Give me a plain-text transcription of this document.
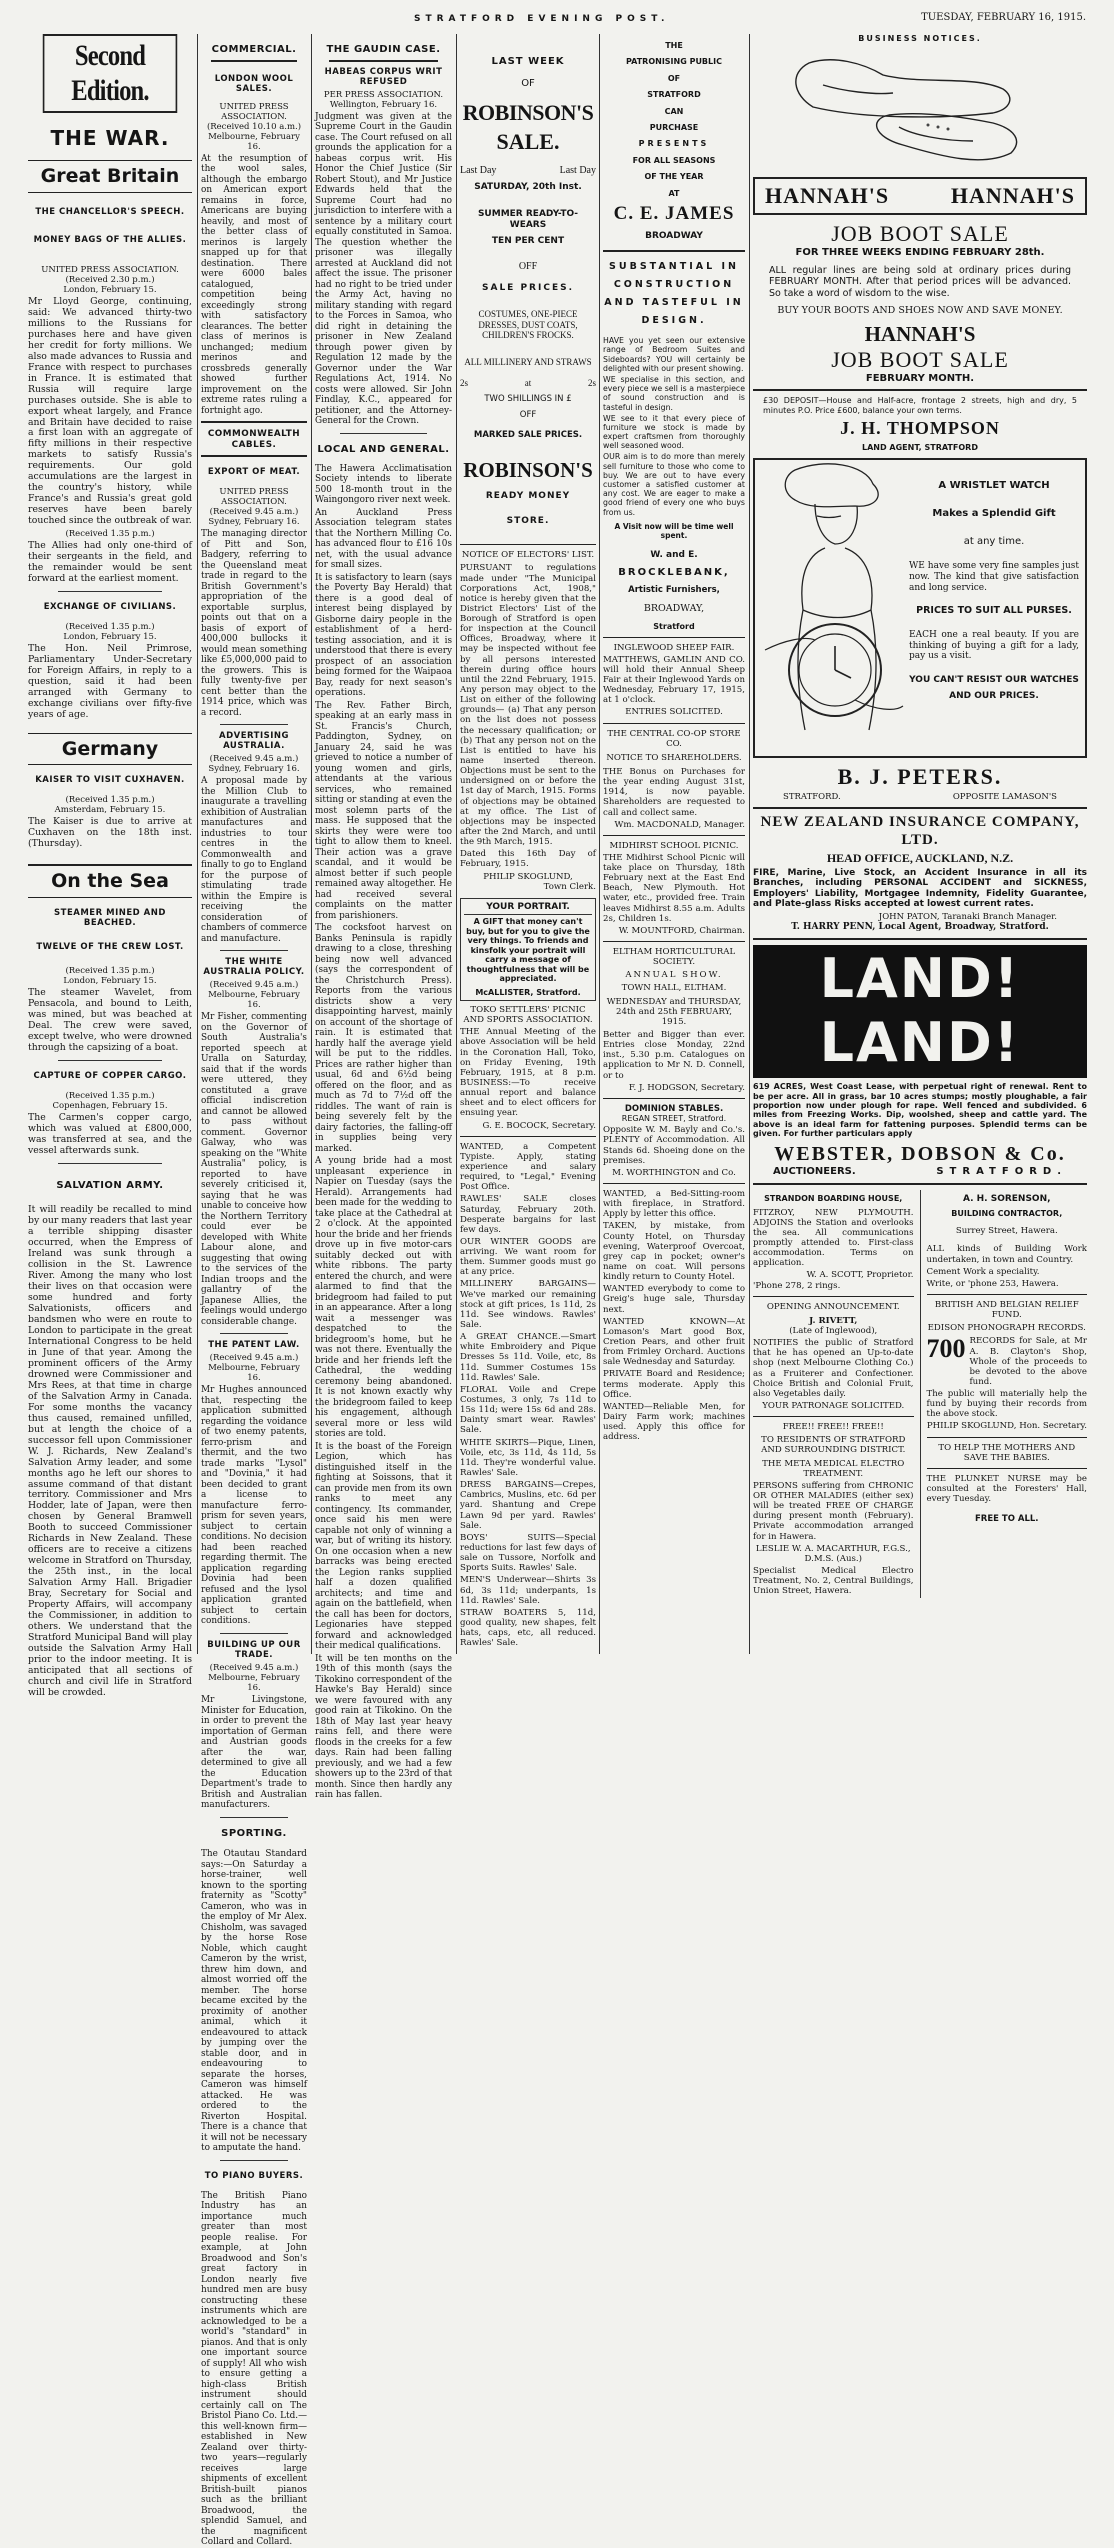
STRATFORD EVENING POST.	TUESDAY, FEBRUARY 16, 1915.
Second Edition.
THE WAR.
Great Britain
THE CHANCELLOR'S SPEECH.
MONEY BAGS OF THE ALLIES.
UNITED PRESS ASSOCIATION.
(Received 2.30 p.m.)
London, February 15.

Mr Lloyd George, continuing, said: We advanced thirty-two millions to the Russians for purchases here and have given her credit for forty millions. We also made advances to Russia and France with respect to purchases in France. It is estimated that Russia will require large purchases outside. She is able to export wheat largely, and France and Britain have decided to raise a first loan with an aggregate of fifty millions in their respective markets to satisfy Russia's requirements. Our gold accumulations are the largest in the country's history, while France's and Russia's great gold reserves have been barely touched since the outbreak of war.

(Received 1.35 p.m.)

The Allies had only one-third of their sergeants in the field, and the remainder would be sent forward at the earliest moment.

EXCHANGE OF CIVILIANS.
(Received 1.35 p.m.)
London, February 15.

The Hon. Neil Primrose, Parliamentary Under-Secretary for Foreign Affairs, in reply to a question, said it had been arranged with Germany to exchange civilians over fifty-five years of age.

Germany
KAISER TO VISIT CUXHAVEN.
(Received 1.35 p.m.)
Amsterdam, February 15.

The Kaiser is due to arrive at Cuxhaven on the 18th inst. (Thursday).

On the Sea
STEAMER MINED AND BEACHED.
TWELVE OF THE CREW LOST.
(Received 1.35 p.m.)
London, February 15.

The steamer Wavelet, from Pensacola, and bound to Leith, was mined, but was beached at Deal. The crew were saved, except twelve, who were drowned through the capsizing of a boat.

CAPTURE OF COPPER CARGO.
(Received 1.35 p.m.)
Copenhagen, February 15.

The Carmen's copper cargo, which was valued at £800,000, was transferred at sea, and the vessel afterwards sunk.

SALVATION ARMY.

It will readily be recalled to mind by our many readers that last year a terrible shipping disaster occurred, when the Empress of Ireland was sunk through a collision in the St. Lawrence River. Among the many who lost their lives on that occasion were some hundred and forty Salvationists, officers and bandsmen who were en route to London to participate in the great International Congress to be held in June of that year. Among the prominent officers of the Army drowned were Commissioner and Mrs Rees, at that time in charge of the Salvation Army in Canada. For some months the vacancy thus caused, remained unfilled, but at length the choice of a successor fell upon Commissioner W. J. Richards, New Zealand's Salvation Army leader, and some months ago he left our shores to assume command of that distant territory. Commissioner and Mrs Hodder, late of Japan, were then chosen by General Bramwell Booth to succeed Commissioner Richards in New Zealand. These officers are to receive a citizens welcome in Stratford on Thursday, the 25th inst., in the local Salvation Army Hall. Brigadier Bray, Secretary for Social and Property Affairs, will accompany the Commissioner, in addition to others. We understand that the Stratford Municipal Band will play outside the Salvation Army Hall prior to the indoor meeting. It is anticipated that all sections of church and civil life in Stratford will be crowded.

COMMERCIAL.
LONDON WOOL SALES.
UNITED PRESS ASSOCIATION.
(Received 10.10 a.m.)
Melbourne, February 16.

At the resumption of the wool sales, although the embargo on American export remains in force, Americans are buying heavily, and most of the better class of merinos is largely snapped up for that destination. There were 6000 bales catalogued, competition being exceedingly strong with satisfactory clearances. The better class of merinos is unchanged; medium merinos and crossbreds generally showed further improvement on the extreme rates ruling a fortnight ago.

COMMONWEALTH CABLES.
EXPORT OF MEAT.
UNITED PRESS ASSOCIATION.
(Received 9.45 a.m.)
Sydney, February 16.

The managing director of Pitt and Son, Badgery, referring to the Queensland meat trade in regard to the British Government's appropriation of the exportable surplus, points out that on a basis of export of 400,000 bullocks it would mean something like £5,000,000 paid to the growers. This is fully twenty-five per cent better than the 1914 price, which was a record.

ADVERTISING AUSTRALIA.
(Received 9.45 a.m.)
Sydney, February 16.

A proposal made by the Million Club to inaugurate a travelling exhibition of Australian manufactures and industries to tour centres in the Commonwealth and finally to go to England for the purpose of stimulating trade within the Empire is receiving the consideration of chambers of commerce and manufacture.

THE WHITE AUSTRALIA POLICY.
(Received 9.45 a.m.)
Melbourne, February 16.

Mr Fisher, commenting on the Governor of South Australia's reported speech at Uralla on Saturday, said that if the words were uttered, they constituted a grave official indiscretion and cannot be allowed to pass without comment. Governor Galway, who was speaking on the "White Australia" policy, is reported to have severely criticised it, saying that he was unable to conceive how the Northern Territory could ever be developed with White Labour alone, and suggesting that owing to the services of the Indian troops and the gallantry of the Japanese Allies, the feelings would undergo considerable change.

THE PATENT LAW.
(Received 9.45 a.m.)
Melbourne, February 16.

Mr Hughes announced that, respecting the application submitted regarding the voidance of two enemy patents, ferro-prism and thermit, and the two trade marks "Lysol" and "Dovinia," it had been decided to grant a license to manufacture ferro-prism for seven years, subject to certain conditions. No decision had been reached regarding thermit. The application regarding Dovinia had been refused and the lysol application granted subject to certain conditions.

BUILDING UP OUR TRADE.
(Received 9.45 a.m.)
Melbourne, February 16.

Mr Livingstone, Minister for Education, in order to prevent the importation of German and Austrian goods after the war, determined to give all the Education Department's trade to British and Australian manufacturers.

SPORTING.

The Otautau Standard says:—On Saturday a horse-trainer, well known to the sporting fraternity as "Scotty" Cameron, who was in the employ of Mr Alex. Chisholm, was savaged by the horse Rose Noble, which caught Cameron by the wrist, threw him down, and almost worried off the member. The horse became excited by the proximity of another animal, which it endeavoured to attack by jumping over the stable door, and in endeavouring to separate the horses, Cameron was himself attacked. He was ordered to the Riverton Hospital. There is a chance that it will not be necessary to amputate the hand.

TO PIANO BUYERS.

The British Piano Industry has an importance much greater than most people realise. For example, at John Broadwood and Son's great factory in London nearly five hundred men are busy constructing these instruments which are acknowledged to be a world's "standard" in pianos. And that is only one important source of supply! All who wish to ensure getting a high-class British instrument should certainly call on The Bristol Piano Co. Ltd.—this well-known firm—established in New Zealand over thirty-two years—regularly receives large shipments of excellent British-built pianos such as the brilliant Broadwood, the splendid Samuel, and the magnificent Collard and Collard.

THE GAUDIN CASE.
HABEAS CORPUS WRIT REFUSED
PER PRESS ASSOCIATION.
Wellington, February 16.

Judgment was given at the Supreme Court in the Gaudin case. The Court refused on all grounds the application for a habeas corpus writ. His Honor the Chief Justice (Sir Robert Stout), and Mr Justice Edwards held that the Supreme Court had no jurisdiction to interfere with a sentence by a military court equally constituted in Samoa. The question whether the prisoner was illegally arrested at Auckland did not affect the issue. The prisoner had no right to be tried under the Army Act, having no military standing with regard to the Forces in Samoa, who did right in detaining the prisoner in New Zealand through power given by Regulation 12 made by the Governor under the War Regulations Act, 1914. No costs were allowed. Sir John Findlay, K.C., appeared for petitioner, and the Attorney-General for the Crown.

LOCAL AND GENERAL.

The Hawera Acclimatisation Society intends to liberate 500 18-month trout in the Waingongoro river next week.

An Auckland Press Association telegram states that the Northern Milling Co. has advanced flour to £16 10s net, with the usual advance for small sizes.

It is satisfactory to learn (says the Poverty Bay Herald) that there is a good deal of interest being displayed by Gisborne dairy people in the establishment of a herd-testing association, and it is understood that there is every prospect of an association being formed for the Waipaoa Bay, ready for next season's operations.

The Rev. Father Birch, speaking at an early mass in St. Francis's Church, Paddington, Sydney, on January 24, said he was grieved to notice a number of young women and girls, attendants at the various services, who remained sitting or standing at even the most solemn parts of the mass. He supposed that the skirts they were were too tight to allow them to kneel. Their action was a grave scandal, and it would be almost better if such people remained away altogether. He had received several complaints on the matter from parishioners.

The cocksfoot harvest on Banks Peninsula is rapidly drawing to a close, threshing being now well advanced (says the correspondent of the Christchurch Press). Reports from the various districts show a very disappointing harvest, mainly on account of the shortage of rain. It is estimated that hardly half the average yield will be put to the riddles. Prices are rather higher than usual, 6d and 6½d being offered on the floor, and as much as 7d to 7½d off the riddles. The want of rain is being severely felt by the dairy factories, the falling-off in supplies being very marked.

A young bride had a most unpleasant experience in Napier on Tuesday (says the Herald). Arrangements had been made for the wedding to take place at the Cathedral at 2 o'clock. At the appointed hour the bride and her friends drove up in five motor-cars suitably decked out with white ribbons. The party entered the church, and were alarmed to find that the bridegroom had failed to put in an appearance. After a long wait a messenger was despatched to the bridegroom's home, but he was not there. Eventually the bride and her friends left the Cathedral, the wedding ceremony being abandoned. It is not known exactly why the bridegroom failed to keep his engagement, although several more or less wild stories are told.

It is the boast of the Foreign Legion, which has distinguished itself in the fighting at Soissons, that it can provide men from its own ranks to meet any contingency. Its commander, once said his men were capable not only of winning a war, but of writing its history. On one occasion when a new barracks was being erected the Legion ranks supplied half a dozen qualified architects; and time and again on the battlefield, when the call has been for doctors, Legionaries have stepped forward and acknowledged their medical qualifications.

It will be ten months on the 19th of this month (says the Tikokino correspondent of the Hawke's Bay Herald) since we were favoured with any good rain at Tikokino. On the 18th of May last year heavy rains fell, and there were floods in the creeks for a few days. Rain had been falling previously, and we had a few showers up to the 23rd of that month. Since then hardly any rain has fallen.

LAST WEEK
OF
ROBINSON'S
SALE.
Last Day	Last Day
SATURDAY, 20th Inst.
SUMMER READY-TO-WEARS
TEN PER CENT
OFF
SALE PRICES.
COSTUMES, ONE-PIECE DRESSES, DUST COATS, CHILDREN'S FROCKS.
ALL MILLINERY AND STRAWS
2s	at	2s
TWO SHILLINGS IN £
OFF
MARKED SALE PRICES.
ROBINSON'S
READY MONEY
STORE.
NOTICE OF ELECTORS' LIST.

PURSUANT to regulations made under "The Municipal Corporations Act, 1908," notice is hereby given that the District Electors' List of the Borough of Stratford is open for inspection at the Council Offices, Broadway, where it may be inspected without fee by all persons interested therein during office hours until the 22nd February, 1915. Any person may object to the List on either of the following grounds— (a) That any person on the list does not possess the necessary qualification; or (b) That any person not on the List is entitled to have his name inserted thereon. Objections must be sent to the undersigned on or before the 1st day of March, 1915. Forms of objections may be obtained at my office. The List of objections may be inspected after the 2nd March, and until the 9th March, 1915.

Dated this 16th Day of February, 1915.

PHILIP SKOGLUND,
Town Clerk.
YOUR PORTRAIT.

A GIFT that money can't buy, but for you to give the very things. To friends and kinsfolk your portrait will carry a message of thoughtfulness that will be appreciated.

McALLISTER, Stratford.
TOKO SETTLERS' PICNIC AND SPORTS ASSOCIATION.

THE Annual Meeting of the above Association will be held in the Coronation Hall, Toko, on Friday Evening, 19th February, 1915, at 8 p.m. BUSINESS:—To receive annual report and balance sheet and to elect officers for ensuing year.

G. E. BOCOCK, Secretary.

WANTED, a Competent Typiste. Apply, stating experience and salary required, to "Legal," Evening Post Office.

RAWLES' SALE closes Saturday, February 20th. Desperate bargains for last few days.

OUR WINTER GOODS are arriving. We want room for them. Summer goods must go at any price.

MILLINERY BARGAINS—We've marked our remaining stock at gift prices, 1s 11d, 2s 11d. See windows. Rawles' Sale.

A GREAT CHANCE.—Smart white Embroidery and Pique Dresses 5s 11d. Voile, etc, 8s 11d. Summer Costumes 15s 11d. Rawles' Sale.

FLORAL Voile and Crepe Costumes, 3 only, 7s 11d to 15s 11d; were 15s 6d and 28s. Dainty smart wear. Rawles' Sale.

WHITE SKIRTS—Pique, Linen, Voile, etc, 3s 11d, 4s 11d, 5s 11d. They're wonderful value. Rawles' Sale.

DRESS BARGAINS—Crepes, Cambrics, Muslins, etc. 6d per yard. Shantung and Crepe Lawn 9d per yard. Rawles' Sale.

BOYS' SUITS—Special reductions for last few days of sale on Tussore, Norfolk and Sports Suits. Rawles' Sale.

MEN'S Underwear—Shirts 3s 6d, 3s 11d; underpants, 1s 11d. Rawles' Sale.

STRAW BOATERS 5, 11d, good quality, new shapes, felt hats, caps, etc, all reduced. Rawles' Sale.

THE
PATRONISING PUBLIC
OF
STRATFORD
CAN
PURCHASE
PRESENTS
FOR ALL SEASONS
OF THE YEAR
AT
C. E. JAMES
BROADWAY
SUBSTANTIAL IN CONSTRUCTION AND TASTEFUL IN DESIGN.

HAVE you yet seen our extensive range of Bedroom Suites and Sideboards? YOU will certainly be delighted with our present showing.

WE specialise in this section, and every piece we sell is a masterpiece of sound construction and is tasteful in design.

WE see to it that every piece of furniture we stock is made by expert craftsmen from thoroughly well seasoned wood.

OUR aim is to do more than merely sell furniture to those who come to buy. We are out to have every customer a satisfied customer at any cost. We are eager to make a good friend of every one who buys from us.

A Visit now will be time well spent.
W. and E.
BROCKLEBANK,
Artistic Furnishers,
BROADWAY,
Stratford
INGLEWOOD SHEEP FAIR.

MATTHEWS, GAMLIN AND CO. will hold their Annual Sheep Fair at their Inglewood Yards on Wednesday, February 17, 1915, at 1 o'clock.

ENTRIES SOLICITED.
THE CENTRAL CO-OP STORE CO.
NOTICE TO SHAREHOLDERS.

THE Bonus on Purchases for the year ending August 31st, 1914, is now payable. Shareholders are requested to call and collect same.

Wm. MACDONALD, Manager.
MIDHIRST SCHOOL PICNIC.

THE Midhirst School Picnic will take place on Thursday, 18th February next at the East End Beach, New Plymouth. Hot water, etc., provided free. Train leaves Midhirst 8.55 a.m. Adults 2s, Children 1s.

W. MOUNTFORD, Chairman.
ELTHAM HORTICULTURAL SOCIETY.
ANNUAL SHOW.
TOWN HALL, ELTHAM.
WEDNESDAY and THURSDAY, 24th and 25th FEBRUARY, 1915.

Better and Bigger than ever. Entries close Monday, 22nd inst., 5.30 p.m. Catalogues on application to Mr N. D. Connell, or to

F. J. HODGSON, Secretary.
DOMINION STABLES.
REGAN STREET, Stratford.

Opposite W. M. Bayly and Co.'s. PLENTY of Accommodation. All Stands 6d. Shoeing done on the premises.

M. WORTHINGTON and Co.

WANTED, a Bed-Sitting-room with fireplace, in Stratford. Apply by letter this office.

TAKEN, by mistake, from County Hotel, on Thursday evening, Waterproof Overcoat, grey cap in pocket; owner's name on coat. Will persons kindly return to County Hotel.

WANTED everybody to come to Greig's huge sale, Thursday next.

WANTED KNOWN—At Lomason's Mart good Box, Cretion Pears, and other fruit from Frimley Orchard. Auctions sale Wednesday and Saturday.

PRIVATE Board and Residence; terms moderate. Apply this Office.

WANTED—Reliable Men, for Dairy Farm work; machines used. Apply this office for address.

BUSINESS NOTICES.
HANNAH'S	HANNAH'S
JOB BOOT SALE
FOR THREE WEEKS ENDING FEBRUARY 28th.

ALL regular lines are being sold at ordinary prices during FEBRUARY MONTH. After that period prices will be advanced. So take a word of wisdom to the wise.

BUY YOUR BOOTS AND SHOES NOW AND SAVE MONEY.
HANNAH'S
JOB BOOT SALE
FEBRUARY MONTH.

£30 DEPOSIT—House and Half-acre, frontage 2 streets, high and dry, 5 minutes P.O. Price £600, balance your own terms.

J. H. THOMPSON
LAND AGENT, STRATFORD
A WRISTLET WATCH
Makes a Splendid Gift
at any time.

WE have some very fine samples just now. The kind that give satisfaction and long service.

PRICES TO SUIT ALL PURSES.

EACH one a real beauty. If you are thinking of buying a gift for a lady, pay us a visit.

YOU CAN'T RESIST OUR WATCHES AND OUR PRICES.
B. J. PETERS.
STRATFORD.	OPPOSITE LAMASON'S
NEW ZEALAND INSURANCE COMPANY, LTD.
HEAD OFFICE, AUCKLAND, N.Z.

FIRE, Marine, Live Stock, an Accident Insurance in all its Branches, including PERSONAL ACCIDENT and SICKNESS, Employers' Liability, Mortgagee Indemnity, Fidelity Guarantee, and Plate-glass Risks accepted at lowest current rates.

JOHN PATON, Taranaki Branch Manager.
T. HARRY PENN, Local Agent, Broadway, Stratford.
LAND! LAND!

619 ACRES, West Coast Lease, with perpetual right of renewal. Rent to be per acre. All in grass, bar 10 acres stumps; mostly ploughable, a fair proportion now under plough for rape. Well fenced and subdivided. 6 miles from Freezing Works. Dip, woolshed, sheep and cattle yard. The above is an ideal farm for fattening purposes. Splendid terms can be given. For further particulars apply

WEBSTER, DOBSON & Co.
AUCTIONEERS.	STRATFORD.
STRANDON BOARDING HOUSE,

FITZROY, NEW PLYMOUTH. ADJOINS the Station and overlooks the sea. All communications promptly attended to. First-class accommodation. Terms on application.

W. A. SCOTT, Proprietor.
'Phone 278, 2 rings.
OPENING ANNOUNCEMENT.
J. RIVETT,
(Late of Inglewood),

NOTIFIES the public of Stratford that he has opened an Up-to-date shop (next Melbourne Clothing Co.) as a Fruiterer and Confectioner. Choice British and Colonial Fruit, also Vegetables daily.

YOUR PATRONAGE SOLICITED.
FREE!! FREE!! FREE!!
TO RESIDENTS OF STRATFORD AND SURROUNDING DISTRICT.
THE META MEDICAL ELECTRO TREATMENT.

PERSONS suffering from CHRONIC OR OTHER MALADIES (either sex) will be treated FREE OF CHARGE during present month (February). Private accommodation arranged for in Hawera.

LESLIE W. A. MACARTHUR, F.G.S., D.M.S. (Aus.)

Specialist Medical Electro Treatment, No. 2, Central Buildings, Union Street, Hawera.

A. H. SORENSON,
BUILDING CONTRACTOR,
Surrey Street, Hawera.

ALL kinds of Building Work undertaken, in town and Country.

Cement Work a speciality.

Write, or 'phone 253, Hawera.

BRITISH AND BELGIAN RELIEF FUND.
EDISON PHONOGRAPH RECORDS.
700 RECORDS for Sale, at Mr A. B. Clayton's Shop, Whole of the proceeds to be devoted to the above fund.

The public will materially help the fund by buying their records from the above stock.

PHILIP SKOGLUND, Hon. Secretary.
TO HELP THE MOTHERS AND SAVE THE BABIES.

THE PLUNKET NURSE may be consulted at the Foresters' Hall, every Tuesday.

FREE TO ALL.
